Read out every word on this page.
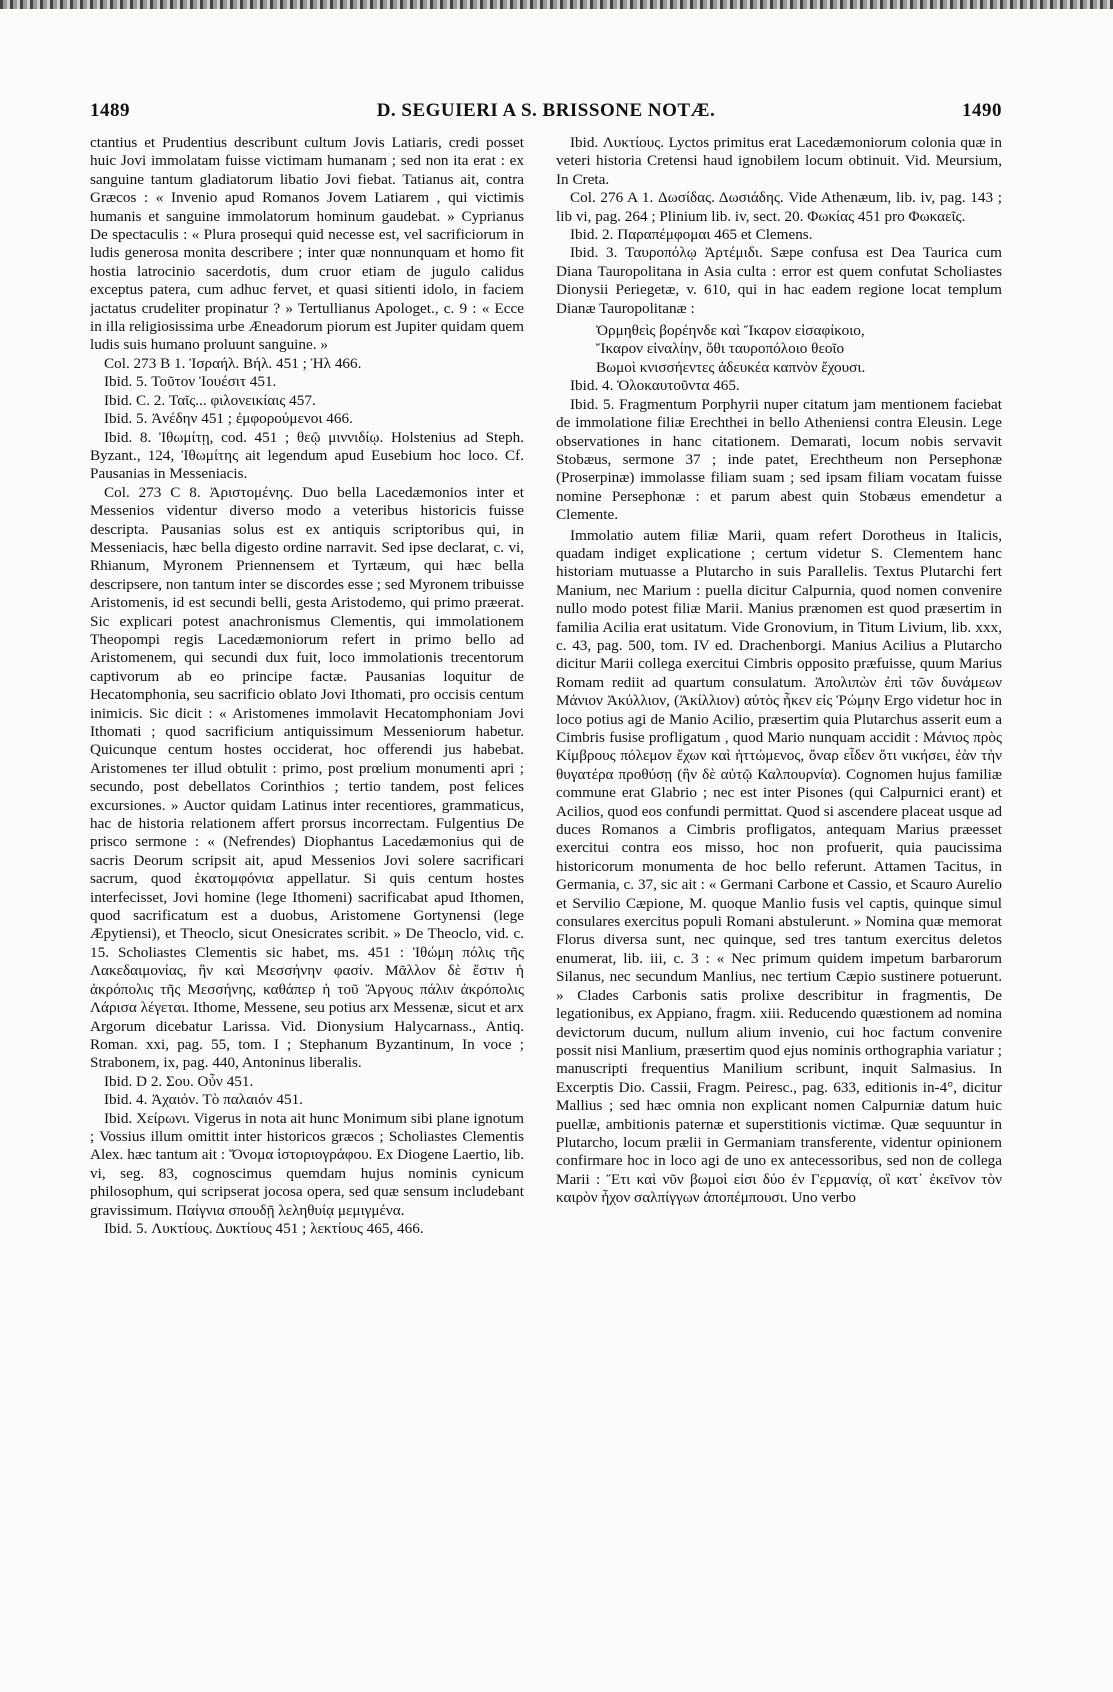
1489	D. SEGUIERI A S. BRISSONE NOTÆ.	1490

ctantius et Prudentius describunt cultum Jovis Latiaris, credi posset huic Jovi immolatam fuisse victimam humanam ; sed non ita erat : ex sanguine tantum gladiatorum libatio Jovi fiebat. Tatianus ait, contra Græcos : « Invenio apud Romanos Jovem Latiarem , qui victimis humanis et sanguine immolatorum hominum gaudebat. » Cyprianus De spectaculis : « Plura prosequi quid necesse est, vel sacrificiorum in ludis generosa monita describere ; inter quæ nonnunquam et homo fit hostia latrocinio sacerdotis, dum cruor etiam de jugulo calidus exceptus patera, cum adhuc fervet, et quasi sitienti idolo, in faciem jactatus crudeliter propinatur ? » Tertullianus Apologet., c. 9 : « Ecce in illa religiosissima urbe Æneadorum piorum est Jupiter quidam quem ludis suis humano proluunt sanguine. »

Col. 273 B 1. Ἰσραήλ. Βήλ. 451 ; Ἠλ 466.

Ibid. 5. Τοῦτον Ἰουέσιτ 451.

Ibid. C. 2. Ταῖς... φιλονεικίαις 457.

Ibid. 5. Ἀνέδην 451 ; ἐμφορούμενοι 466.

Ibid. 8. Ἰθωμίτῃ, cod. 451 ; θεῷ μιννιδίῳ. Holstenius ad Steph. Byzant., 124, Ἰθωμίτης ait legendum apud Eusebium hoc loco. Cf. Pausanias in Messeniacis.

Col. 273 C 8. Ἀριστομένης. Duo bella Lacedæmonios inter et Messenios videntur diverso modo a veteribus historicis fuisse descripta. Pausanias solus est ex antiquis scriptoribus qui, in Messeniacis, hæc bella digesto ordine narravit. Sed ipse declarat, c. vi, Rhianum, Myronem Priennensem et Tyrtæum, qui hæc bella descripsere, non tantum inter se discordes esse ; sed Myronem tribuisse Aristomenis, id est secundi belli, gesta Aristodemo, qui primo præerat. Sic explicari potest anachronismus Clementis, qui immolationem Theopompi regis Lacedæmoniorum refert in primo bello ad Aristomenem, qui secundi dux fuit, loco immolationis trecentorum captivorum ab eo principe factæ. Pausanias loquitur de Hecatomphonia, seu sacrificio oblato Jovi Ithomati, pro occisis centum inimicis. Sic dicit : « Aristomenes immolavit Hecatomphoniam Jovi Ithomati ; quod sacrificium antiquissimum Messeniorum habetur. Quicunque centum hostes occiderat, hoc offerendi jus habebat. Aristomenes ter illud obtulit : primo, post prœlium monumenti apri ; secundo, post debellatos Corinthios ; tertio tandem, post felices excursiones. » Auctor quidam Latinus inter recentiores, grammaticus, hac de historia relationem affert prorsus incorrectam. Fulgentius De prisco sermone : « (Nefrendes) Diophantus Lacedæmonius qui de sacris Deorum scripsit ait, apud Messenios Jovi solere sacrificari sacrum, quod ἑκατομφόνια appellatur. Si quis centum hostes interfecisset, Jovi homine (lege Ithomeni) sacrificabat apud Ithomen, quod sacrificatum est a duobus, Aristomene Gortynensi (lege Æpytiensi), et Theoclo, sicut Onesicrates scribit. » De Theoclo, vid. c. 15. Scholiastes Clementis sic habet, ms. 451 : Ἰθώμη πόλις τῆς Λακεδαιμονίας, ἣν καὶ Μεσσήνην φασίν. Μᾶλλον δὲ ἔστιν ἡ ἀκρόπολις τῆς Μεσσήνης, καθάπερ ἡ τοῦ Ἄργους πάλιν ἀκρόπολις Λάρισα λέγεται. Ithome, Messene, seu potius arx Messenæ, sicut et arx Argorum dicebatur Larissa. Vid. Dionysium Halycarnass., Antiq. Roman. xxi, pag. 55, tom. I ; Stephanum Byzantinum, In voce ; Strabonem, ix, pag. 440, Antoninus liberalis.

Ibid. D 2. Σου. Οὖν 451.

Ibid. 4. Ἀχαιόν. Τὸ παλαιόν 451.

Ibid. Χείρωνι. Vigerus in nota ait hunc Monimum sibi plane ignotum ; Vossius illum omittit inter historicos græcos ; Scholiastes Clementis Alex. hæc tantum ait : Ὄνομα ἱστοριογράφου. Ex Diogene Laertio, lib. vi, seg. 83, cognoscimus quemdam hujus nominis cynicum philosophum, qui scripserat jocosa opera, sed quæ sensum includebant gravissimum. Παίγνια σπουδῇ λεληθυίᾳ μεμιγμένα.

Ibid. 5. Λυκτίους. Δυκτίους 451 ; λεκτίους 465, 466.

Ibid. Λυκτίους. Lyctos primitus erat Lacedæmoniorum colonia quæ in veteri historia Cretensi haud ignobilem locum obtinuit. Vid. Meursium, In Creta.

Col. 276 A 1. Δωσίδας. Δωσιάδης. Vide Athenæum, lib. iv, pag. 143 ; lib vi, pag. 264 ; Plinium lib. iv, sect. 20. Φωκίας 451 pro Φωκαεῖς.

Ibid. 2. Παραπέμφομαι 465 et Clemens.

Ibid. 3. Ταυροπόλῳ Ἀρτέμιδι. Sæpe confusa est Dea Taurica cum Diana Tauropolitana in Asia culta : error est quem confutat Scholiastes Dionysii Periegetæ, v. 610, qui in hac eadem regione locat templum Dianæ Tauropolitanæ :

Ὀρμηθεὶς βορέηνδε καὶ Ἴκαρον εἰσαφίκοιο,

Ἴκαρον εἰναλίην, ὅθι ταυροπόλοιο θεοῖο

Βωμοὶ κνισσήεντες ἀδευκέα καπνὸν ἔχουσι.

Ibid. 4. Ὁλοκαυτοῦντα 465.

Ibid. 5. Fragmentum Porphyrii nuper citatum jam mentionem faciebat de immolatione filiæ Erechthei in bello Atheniensi contra Eleusin. Lege observationes in hanc citationem. Demarati, locum nobis servavit Stobæus, sermone 37 ; inde patet, Erechtheum non Persephonæ (Proserpinæ) immolasse filiam suam ; sed ipsam filiam vocatam fuisse nomine Persephonæ : et parum abest quin Stobæus emendetur a Clemente.

Immolatio autem filiæ Marii, quam refert Dorotheus in Italicis, quadam indiget explicatione ; certum videtur S. Clementem hanc historiam mutuasse a Plutarcho in suis Parallelis. Textus Plutarchi fert Manium, nec Marium : puella dicitur Calpurnia, quod nomen convenire nullo modo potest filiæ Marii. Manius prænomen est quod præsertim in familia Acilia erat usitatum. Vide Gronovium, in Titum Livium, lib. xxx, c. 43, pag. 500, tom. IV ed. Drachenborgi. Manius Acilius a Plutarcho dicitur Marii collega exercitui Cimbris opposito præfuisse, quum Marius Romam rediit ad quartum consulatum. Ἀπολιπὼν ἐπὶ τῶν δυνάμεων Μάνιον Ἀκύλλιον, (Ἀκίλλιον) αὐτὸς ἧκεν εἰς Ῥώμην Ergo videtur hoc in loco potius agi de Manio Acilio, præsertim quia Plutarchus asserit eum a Cimbris fusise profligatum , quod Mario nunquam accidit : Μάνιος πρὸς Κίμβρους πόλεμον ἔχων καὶ ἡττώμενος, ὄναρ εἶδεν ὅτι νικήσει, ἐὰν τὴν θυγατέρα προθύσῃ (ἣν δὲ αὐτῷ Καλπουρνία). Cognomen hujus familiæ commune erat Glabrio ; nec est inter Pisones (qui Calpurnici erant) et Acilios, quod eos confundi permittat. Quod si ascendere placeat usque ad duces Romanos a Cimbris profligatos, antequam Marius præesset exercitui contra eos misso, hoc non profuerit, quia paucissima historicorum monumenta de hoc bello referunt. Attamen Tacitus, in Germania, c. 37, sic ait : « Germani Carbone et Cassio, et Scauro Aurelio et Servilio Cæpione, M. quoque Manlio fusis vel captis, quinque simul consulares exercitus populi Romani abstulerunt. » Nomina quæ memorat Florus diversa sunt, nec quinque, sed tres tantum exercitus deletos enumerat, lib. iii, c. 3 : « Nec primum quidem impetum barbarorum Silanus, nec secundum Manlius, nec tertium Cæpio sustinere potuerunt. » Clades Carbonis satis prolixe describitur in fragmentis, De legationibus, ex Appiano, fragm. xiii. Reducendo quæstionem ad nomina devictorum ducum, nullum alium invenio, cui hoc factum convenire possit nisi Manlium, præsertim quod ejus nominis orthographia variatur ; manuscripti frequentius Manilium scribunt, inquit Salmasius. In Excerptis Dio. Cassii, Fragm. Peiresc., pag. 633, editionis in-4°, dicitur Mallius ; sed hæc omnia non explicant nomen Calpurniæ datum huic puellæ, ambitionis paternæ et superstitionis victimæ. Quæ sequuntur in Plutarcho, locum prælii in Germaniam transferente, videntur opinionem confirmare hoc in loco agi de uno ex antecessoribus, sed non de collega Marii : Ἔτι καὶ νῦν βωμοὶ εἰσι δύο ἐν Γερμανίᾳ, οἳ κατ᾽ ἐκεῖνον τὸν καιρὸν ἦχον σαλπίγγων ἀποπέμπουσι. Uno verbo
